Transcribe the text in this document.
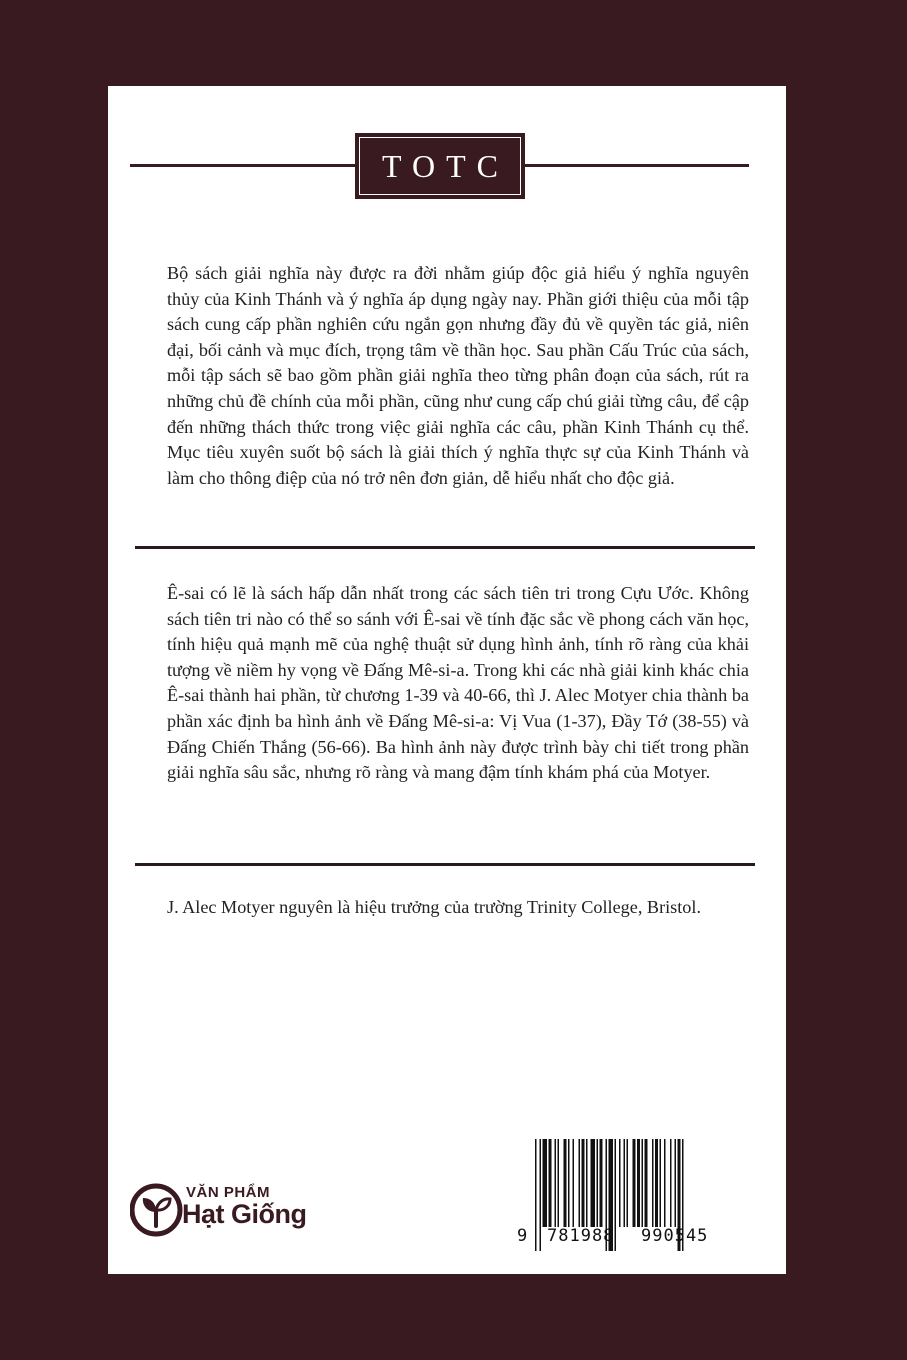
TOTC

Bộ sách giải nghĩa này được ra đời nhằm giúp độc giả hiểu ý nghĩa nguyên thủy của Kinh Thánh và ý nghĩa áp dụng ngày nay. Phần giới thiệu của mỗi tập sách cung cấp phần nghiên cứu ngắn gọn nhưng đầy đủ về quyền tác giả, niên đại, bối cảnh và mục đích, trọng tâm về thần học. Sau phần Cấu Trúc của sách, mỗi tập sách sẽ bao gồm phần giải nghĩa theo từng phân đoạn của sách, rút ra những chủ đề chính của mỗi phần, cũng như cung cấp chú giải từng câu, để cập đến những thách thức trong việc giải nghĩa các câu, phần Kinh Thánh cụ thể. Mục tiêu xuyên suốt bộ sách là giải thích ý nghĩa thực sự của Kinh Thánh và làm cho thông điệp của nó trở nên đơn giản, dễ hiểu nhất cho độc giả.

Ê-sai có lẽ là sách hấp dẫn nhất trong các sách tiên tri trong Cựu Ước. Không sách tiên tri nào có thể so sánh với Ê-sai về tính đặc sắc về phong cách văn học, tính hiệu quả mạnh mẽ của nghệ thuật sử dụng hình ảnh, tính rõ ràng của khải tượng về niềm hy vọng về Đấng Mê-si-a. Trong khi các nhà giải kinh khác chia Ê-sai thành hai phần, từ chương 1-39 và 40-66, thì J. Alec Motyer chia thành ba phần xác định ba hình ảnh về Đấng Mê-si-a: Vị Vua (1-37), Đầy Tớ (38-55) và Đấng Chiến Thắng (56-66). Ba hình ảnh này được trình bày chi tiết trong phần giải nghĩa sâu sắc, nhưng rõ ràng và mang đậm tính khám phá của Motyer.

J. Alec Motyer nguyên là hiệu trưởng của trường Trinity College, Bristol.

VĂN PHẨM
Hạt Giống
9 781988 990545
